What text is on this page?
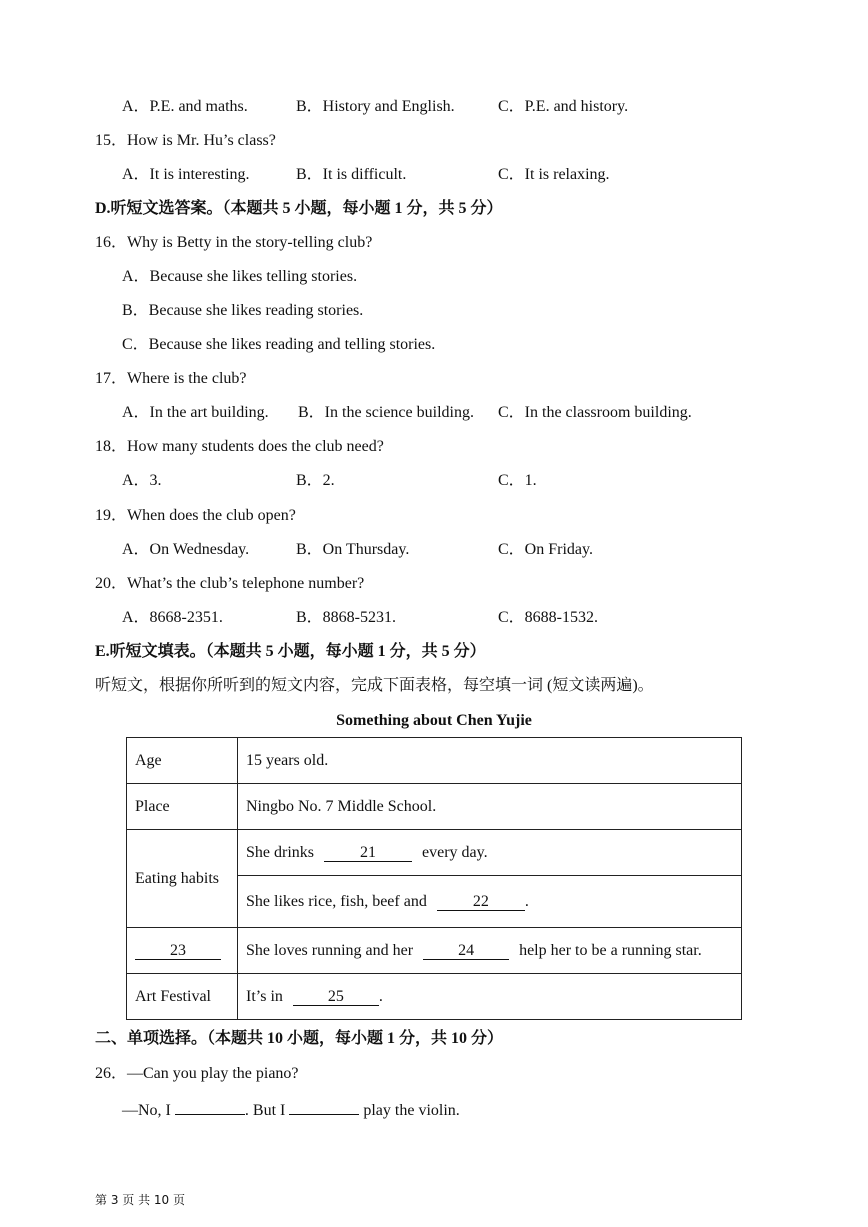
A．P.E. and maths.	B．History and English.	C．P.E. and history.
15．How is Mr. Hu’s class?
A．It is interesting.	B．It is difficult.	C．It is relaxing.
D.听短文选答案。（本题共 5 小题，每小题 1 分，共 5 分）
16．Why is Betty in the story-telling club?
A．Because she likes telling stories.
B．Because she likes reading stories.
C．Because she likes reading and telling stories.
17．Where is the club?
A．In the art building. B．In the science building. C．In the classroom building.
18．How many students does the club need?
A．3.	B．2.	C．1.
19．When does the club open?
A．On Wednesday.	B．On Thursday.	C．On Friday.
20．What’s the club’s telephone number?
A．8668-2351.	B．8868-5231.	C．8688-1532.
E.听短文填表。（本题共 5 小题，每小题 1 分，共 5 分）
听短文，根据你所听到的短文内容，完成下面表格，每空填一词 (短文读两遍)。
Something about Chen Yujie
Age	15 years old.
Place	Ningbo No. 7 Middle School.
Eating habits	She drinks 21 every day.
	She likes rice, fish, beef and 22 .
23	She loves running and her 24 help her to be a running star.
Art Festival	It’s in 25 .
二、单项选择。（本题共 10 小题，每小题 1 分，共 10 分）
26．—Can you play the piano?
—No, I	. But I	play the violin.
第 3 页 共 10 页
